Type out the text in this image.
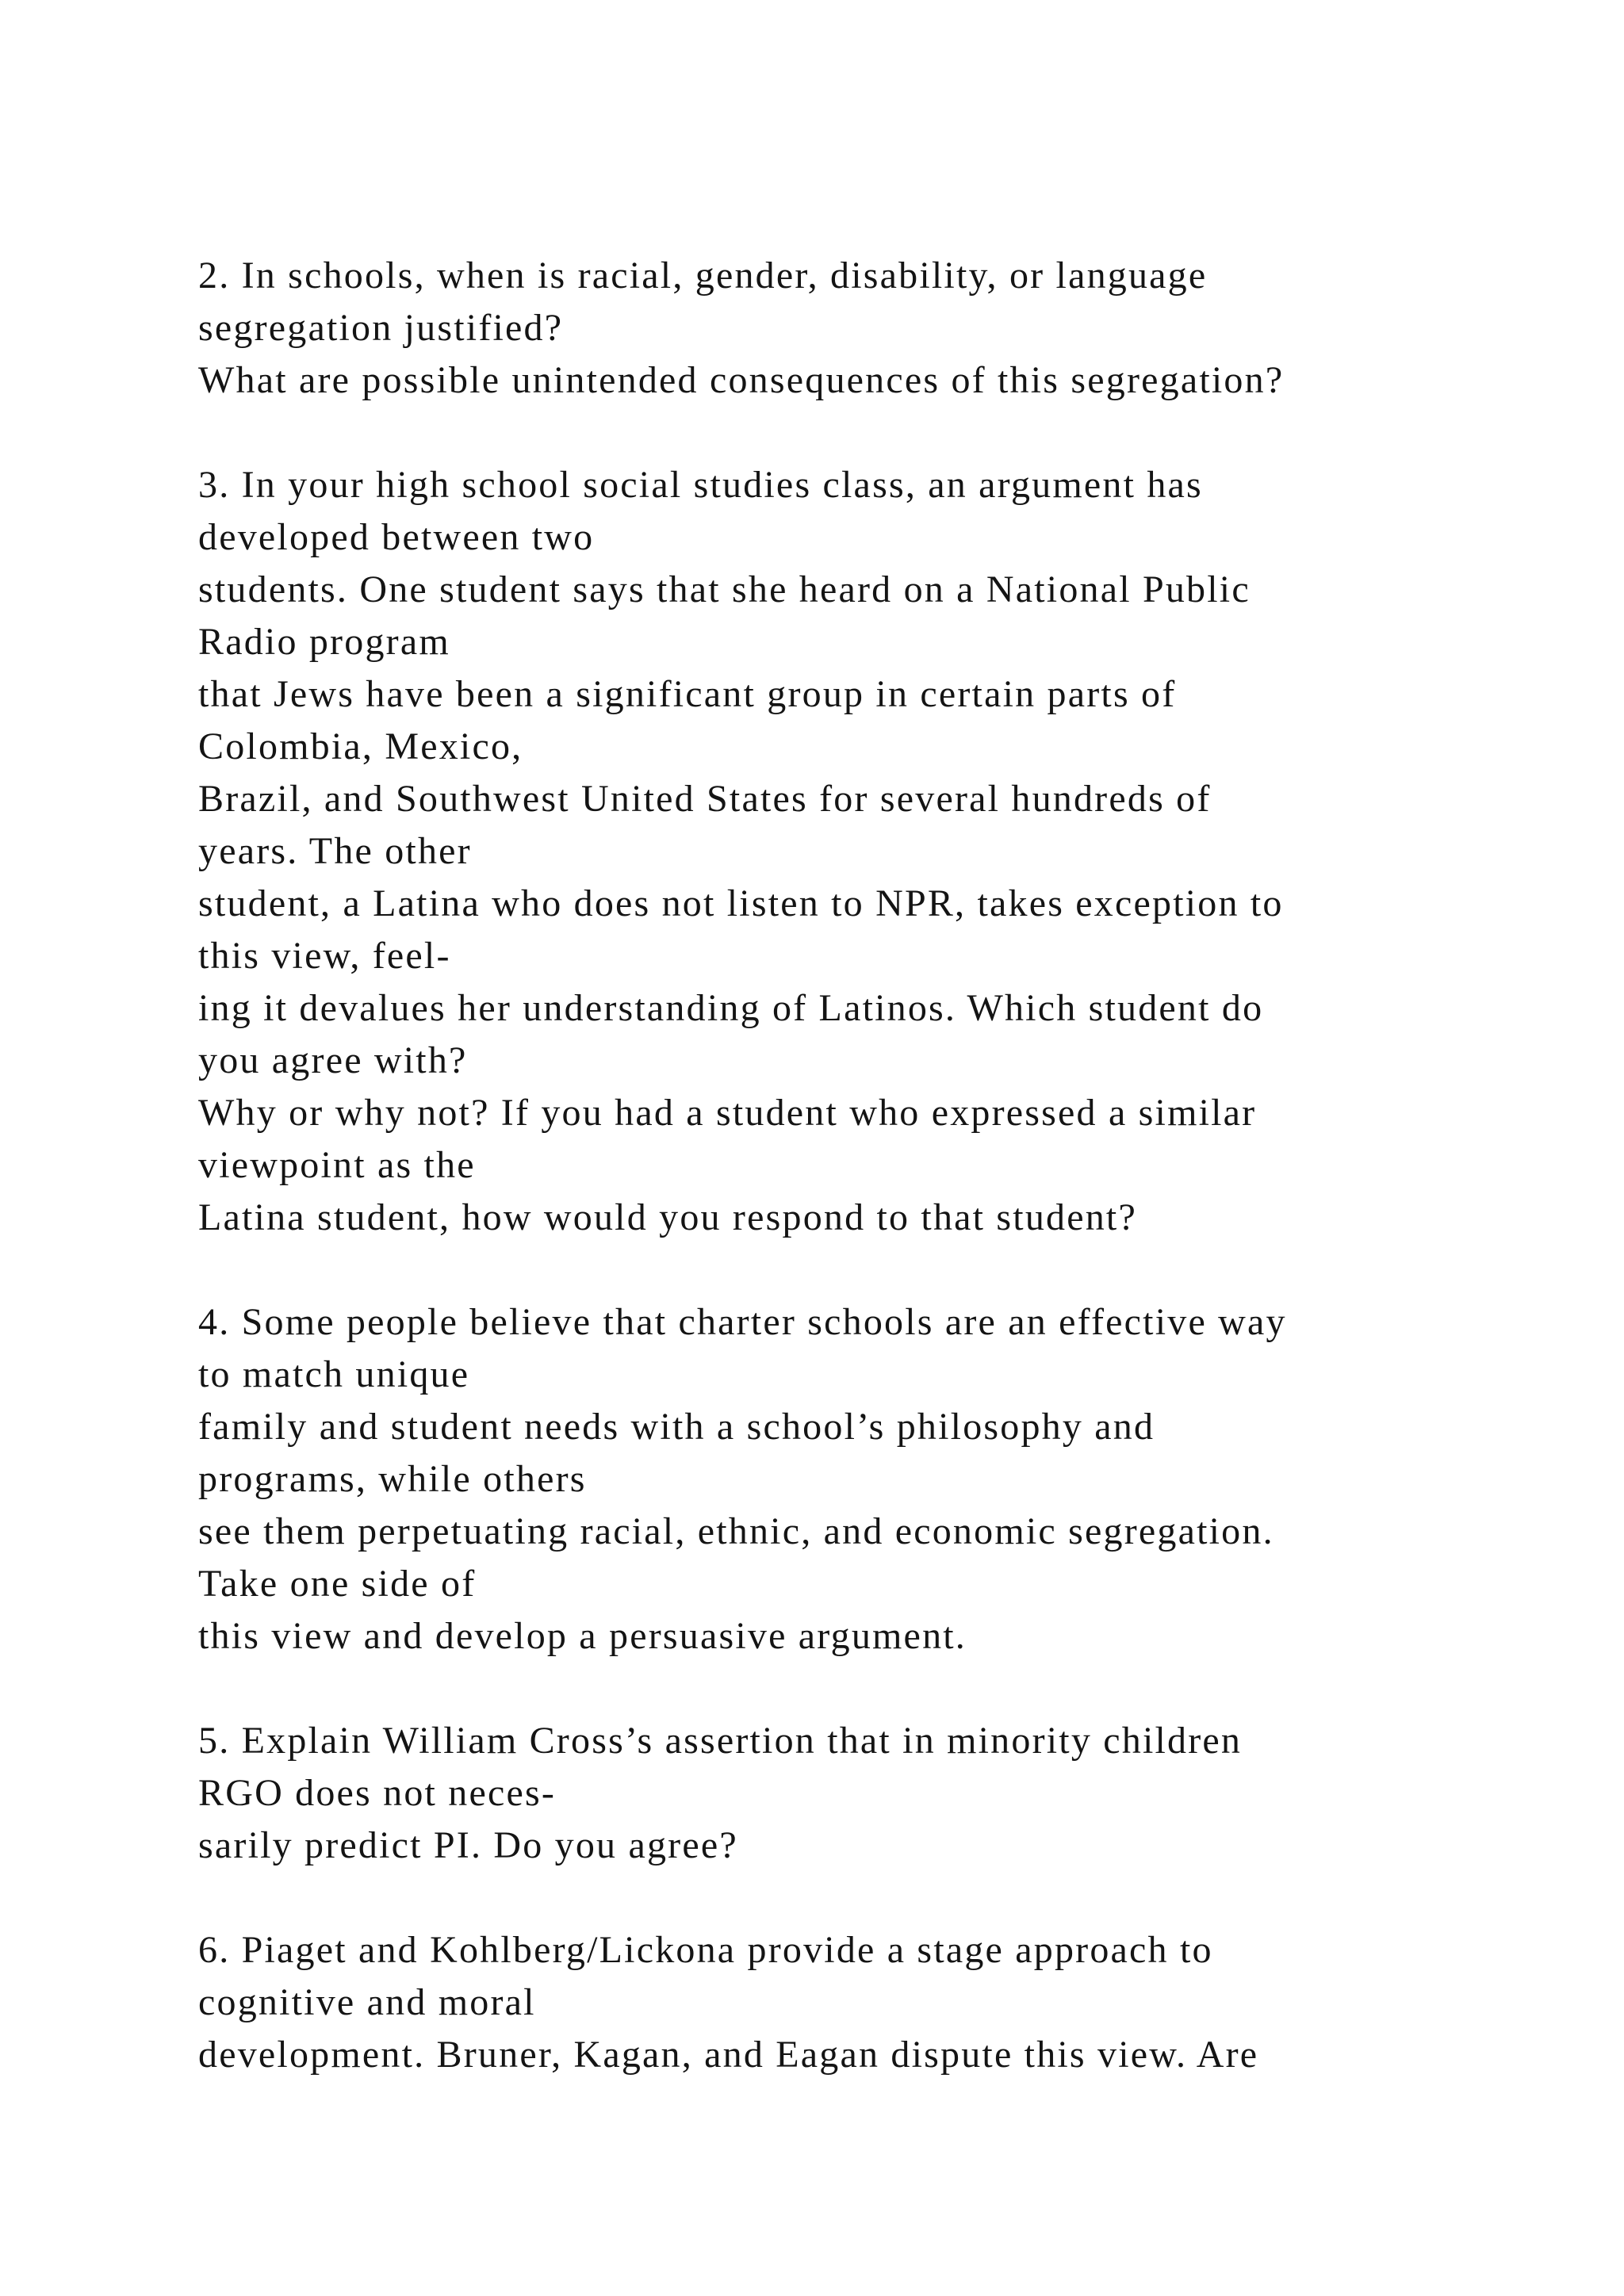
2. In schools, when is racial, gender, disability, or language
segregation justified?
What are possible unintended consequences of this segregation?
3. In your high school social studies class, an argument has
developed between two
students. One student says that she heard on a National Public
Radio program
that Jews have been a significant group in certain parts of
Colombia, Mexico,
Brazil, and Southwest United States for several hundreds of
years. The other
student, a Latina who does not listen to NPR, takes exception to
this view, feel-
ing it devalues her understanding of Latinos. Which student do
you agree with?
Why or why not? If you had a student who expressed a similar
viewpoint as the
Latina student, how would you respond to that student?
4. Some people believe that charter schools are an effective way
to match unique
family and student needs with a school’s philosophy and
programs, while others
see them perpetuating racial, ethnic, and economic segregation.
Take one side of
this view and develop a persuasive argument.
5. Explain William Cross’s assertion that in minority children
RGO does not neces-
sarily predict PI. Do you agree?
6. Piaget and Kohlberg/Lickona provide a stage approach to
cognitive and moral
development. Bruner, Kagan, and Eagan dispute this view. Are
